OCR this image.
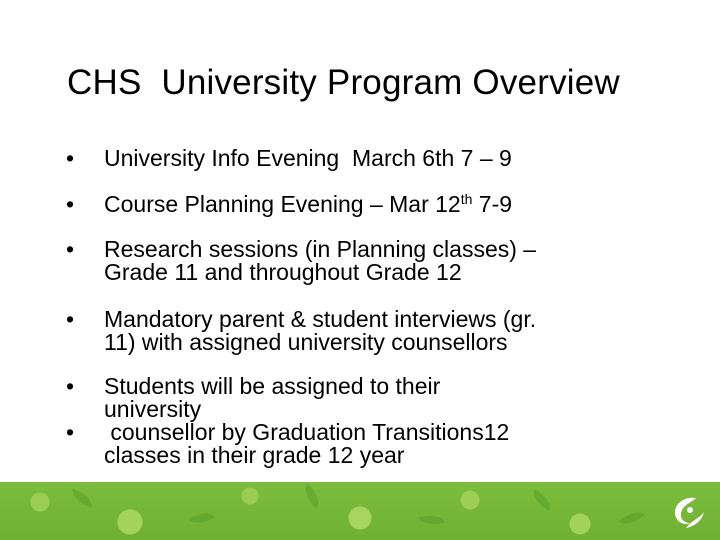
CHS  University Program Overview
•	University Info Evening  March 6th 7 – 9
•	Course Planning Evening – Mar 12th 7-9
•	Research sessions (in Planning classes) –
Grade 11 and throughout Grade 12
•	Mandatory parent & student interviews (gr.
11) with assigned university counsellors
•	Students will be assigned to their
university
•	counsellor by Graduation Transitions12
classes in their grade 12 year
